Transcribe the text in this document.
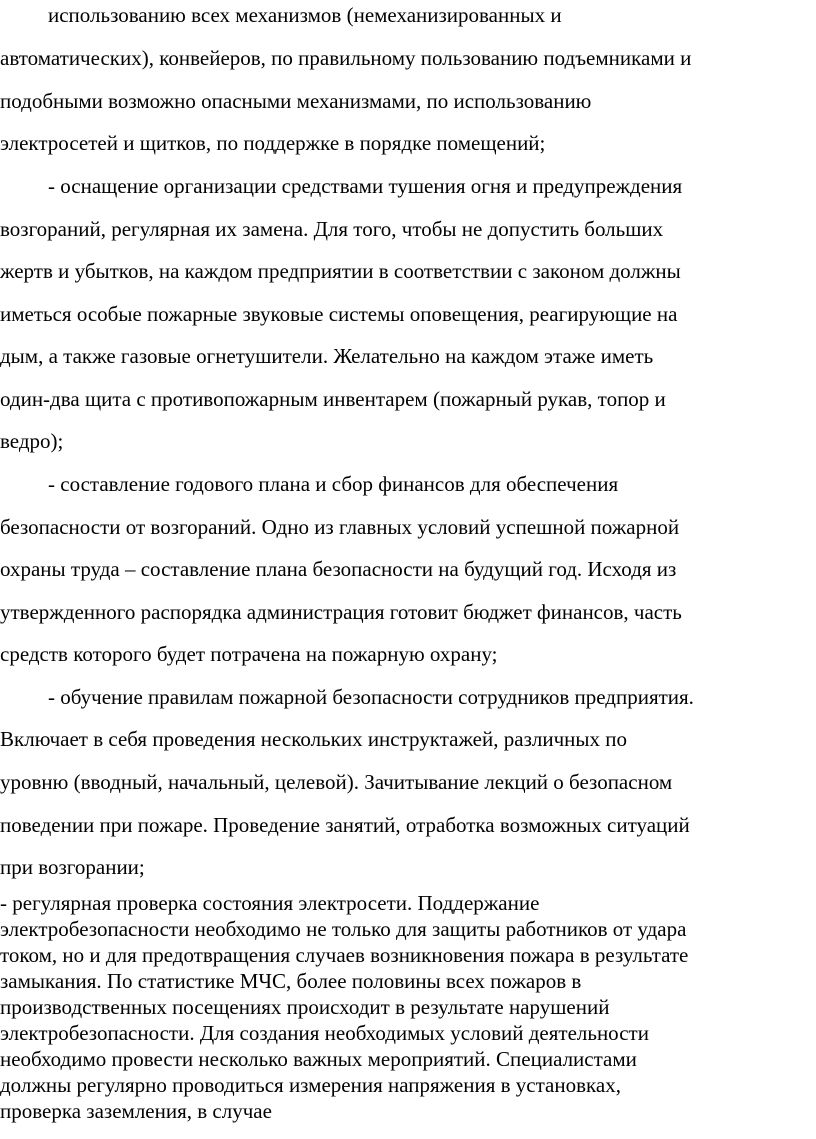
использованию всех механизмов (немеханизированных и
автоматических), конвейеров, по правильному пользованию подъемниками и
подобными возможно опасными механизмами, по использованию
электросетей и щитков, по поддержке в порядке помещений;
- оснащение организации средствами тушения огня и предупреждения
возгораний, регулярная их замена. Для того, чтобы не допустить больших
жертв и убытков, на каждом предприятии в соответствии с законом должны
иметься особые пожарные звуковые системы оповещения, реагирующие на
дым, а также газовые огнетушители. Желательно на каждом этаже иметь
один-два щита с противопожарным инвентарем (пожарный рукав, топор и
ведро);
- составление годового плана и сбор финансов для обеспечения
безопасности от возгораний. Одно из главных условий успешной пожарной
охраны труда – составление плана безопасности на будущий год. Исходя из
утвержденного распорядка администрация готовит бюджет финансов, часть
средств которого будет потрачена на пожарную охрану;
- обучение правилам пожарной безопасности сотрудников предприятия.
Включает в себя проведения нескольких инструктажей, различных по
уровню (вводный, начальный, целевой). Зачитывание лекций о безопасном
поведении при пожаре. Проведение занятий, отработка возможных ситуаций
при возгорании;
- регулярная проверка состояния электросети. Поддержание
электробезопасности необходимо не только для защиты работников от удара
током, но и для предотвращения случаев возникновения пожара в результате
замыкания. По статистике МЧС, более половины всех пожаров в
производственных посещениях происходит в результате нарушений
электробезопасности. Для создания необходимых условий деятельности
необходимо провести несколько важных мероприятий. Специалистами
должны регулярно проводиться измерения напряжения в установках,
проверка заземления, в случае
